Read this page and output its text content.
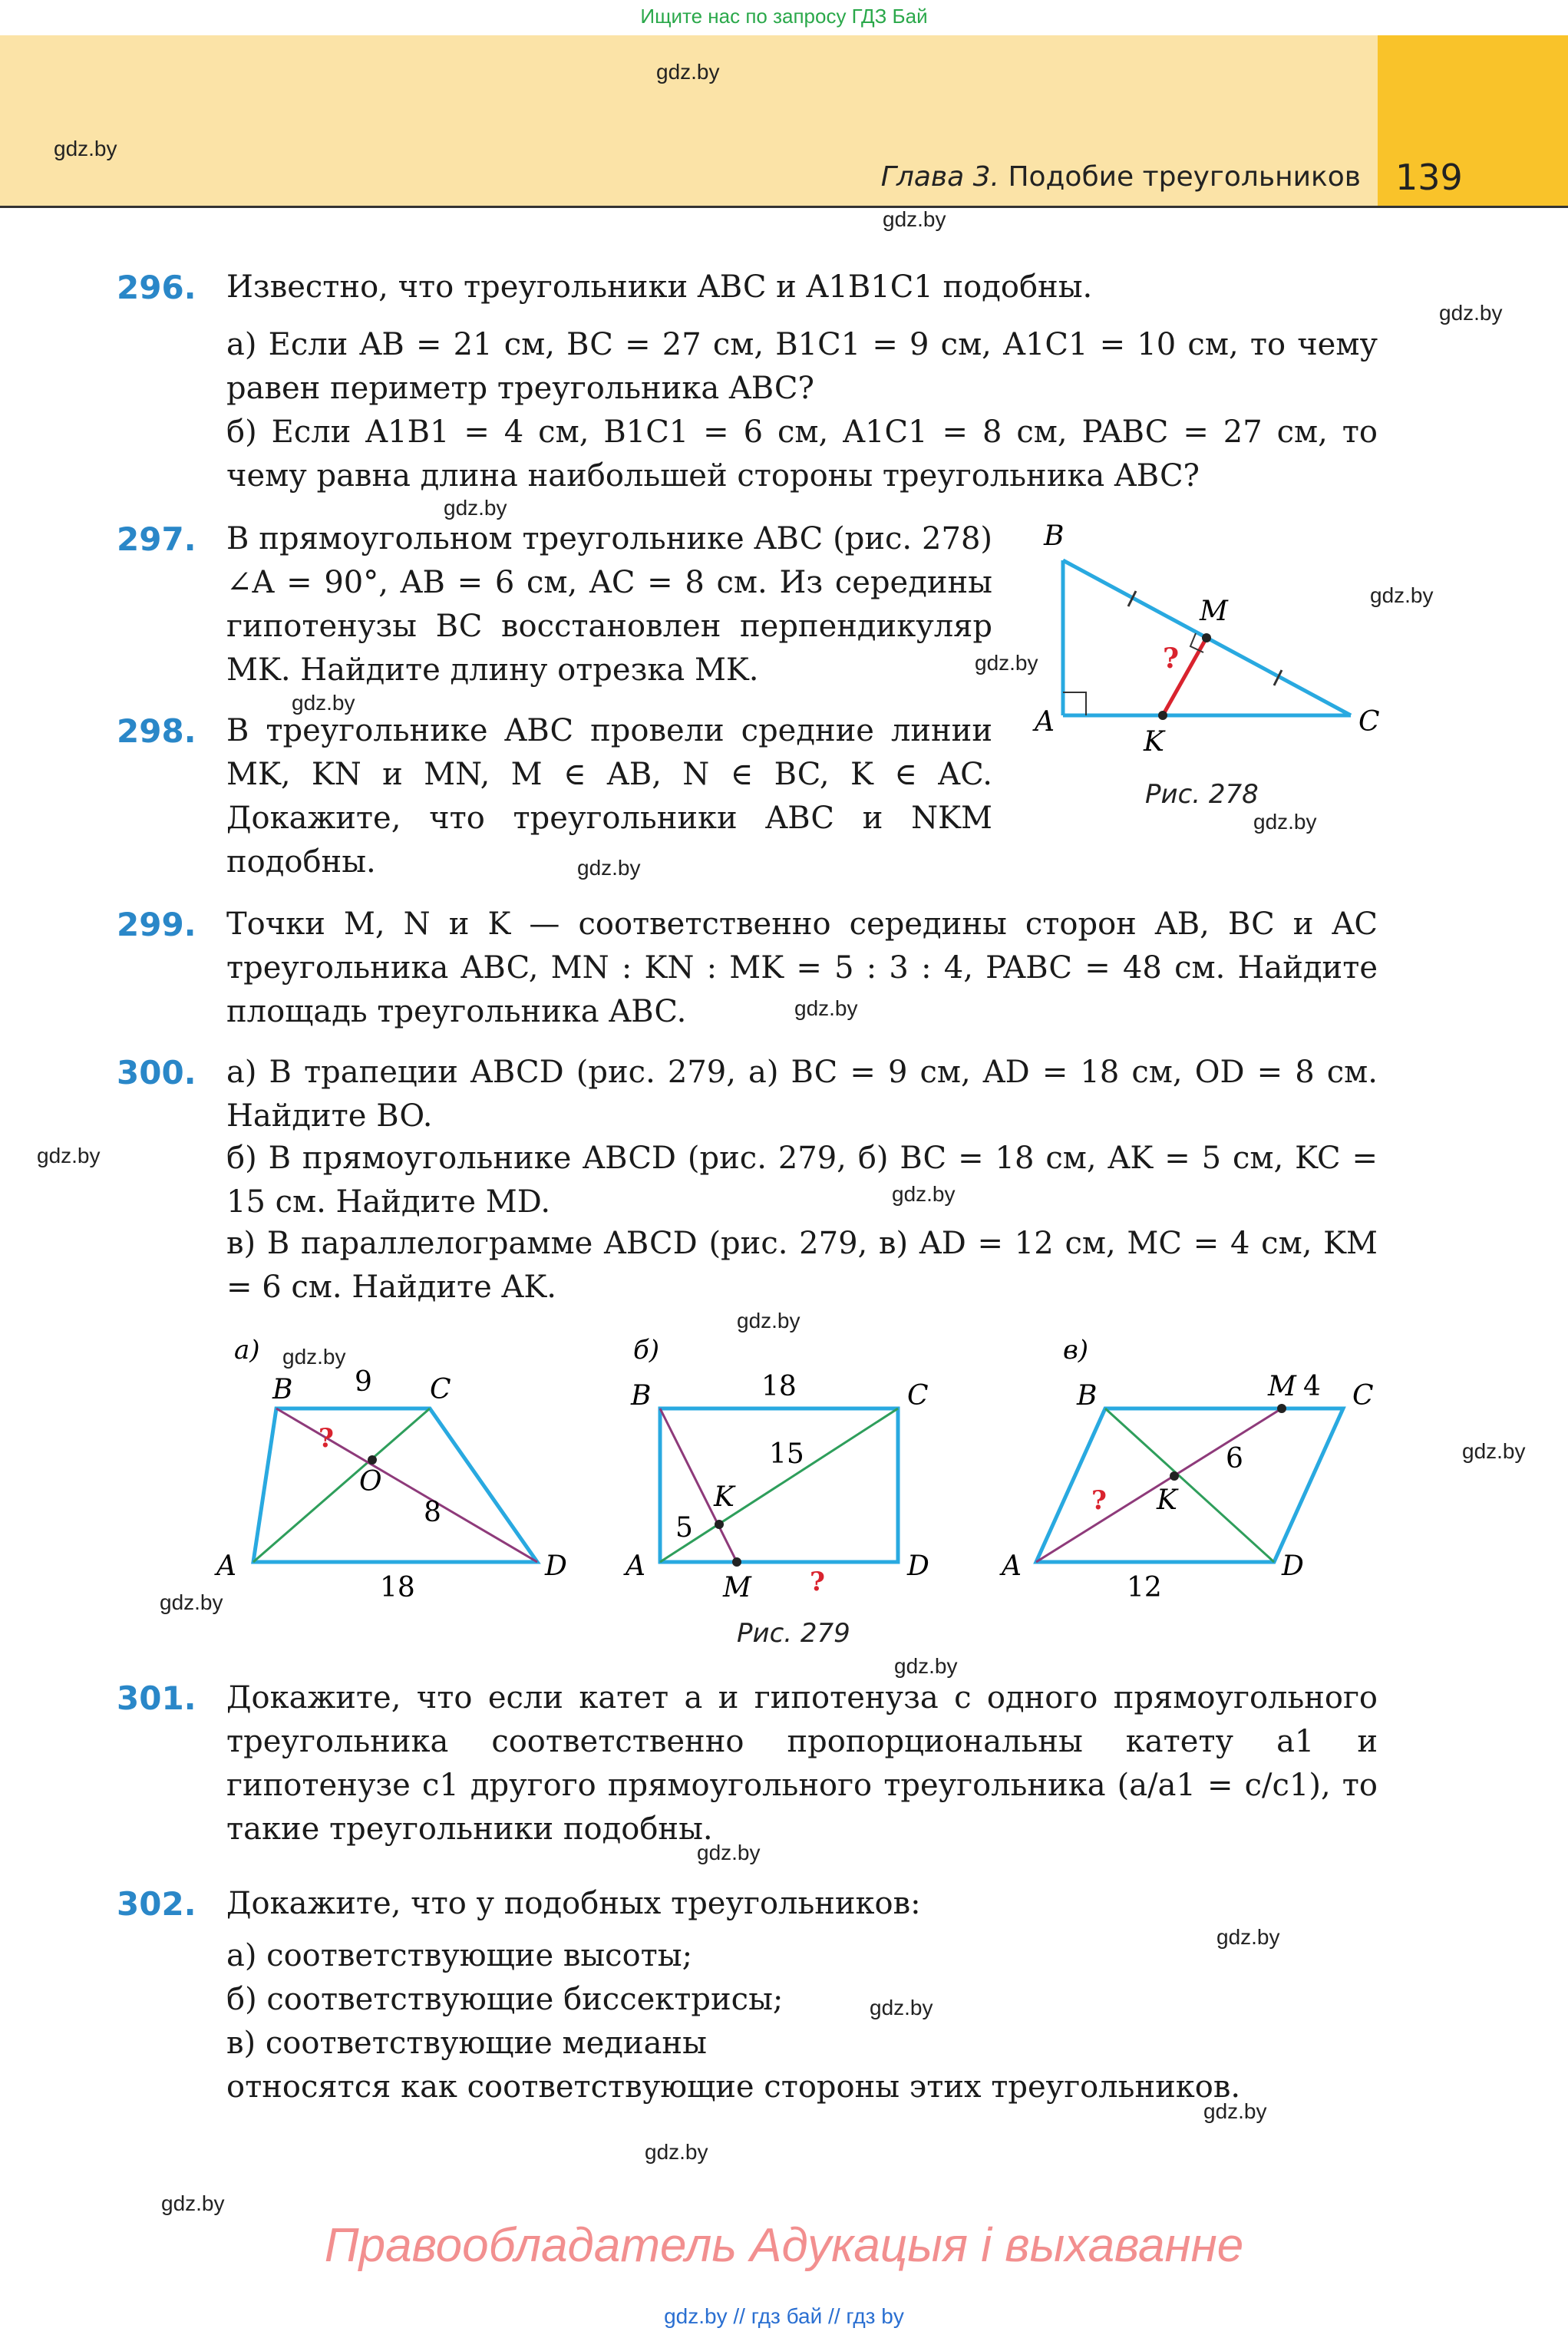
Ищите нас по запросу ГДЗ Бай
Глава 3. Подобие треугольников 139
gdz.by
gdz.by
gdz.by
gdz.by
gdz.by
gdz.by
gdz.by
gdz.by
gdz.by
gdz.by
gdz.by
gdz.by
gdz.by
gdz.by
gdz.by
gdz.by
gdz.by
gdz.by
gdz.by
gdz.by
gdz.by
gdz.by
gdz.by
gdz.by
296. Известно, что треугольники ABC и A1B1C1 подобны.
а) Если AB = 21 см, BC = 27 см, B1C1 = 9 см, A1C1 = 10 см, то чему равен периметр треугольника ABC?
б) Если A1B1 = 4 см, B1C1 = 6 см, A1C1 = 8 см, PABC = 27 см, то чему равна длина наибольшей стороны треугольника ABC?
297. В прямоугольном треугольнике ABC (рис. 278) ∠A = 90°, AB = 6 см, AC = 8 см. Из середины гипотенузы BC восстановлен перпендикуляр MK. Найдите длину отрезка MK.
B
M
A
K
C
?
Рис. 278
298. В треугольнике ABC провели средние линии MK, KN и MN, M ∈ AB, N ∈ BC, K ∈ AC. Докажите, что треугольники ABC и NKM подобны.
299. Точки M, N и K — соответственно середины сторон AB, BC и AC треугольника ABC, MN : KN : MK = 5 : 3 : 4, PABC = 48 см. Найдите площадь треугольника ABC.
300. а) В трапеции ABCD (рис. 279, а) BC = 9 см, AD = 18 см, OD = 8 см. Найдите BO.
б) В прямоугольнике ABCD (рис. 279, б) BC = 18 см, AK = 5 см, KC = 15 см. Найдите MD.
в) В параллелограмме ABCD (рис. 279, в) AD = 12 см, MC = 4 см, KM = 6 см. Найдите AK.
а)
B	C
A	D
O
9
18
8
?
б)
B	C
A	D
K
M
18
15
5
?
в)
B	C
A	D
K
M 4
6
12
?
Рис. 279
301. Докажите, что если катет a и гипотенуза c одного прямоугольного треугольника соответственно пропорциональны катету a1 и гипотенузе c1 другого прямоугольного треугольника (a/a1 = c/c1), то такие треугольники подобны.
302. Докажите, что у подобных треугольников:
а) соответствующие высоты;
б) соответствующие биссектрисы;
в) соответствующие медианы
относятся как соответствующие стороны этих треугольников.
Правообладатель Адукацыя і выхаванне
gdz.by // гдз бай // гдз by
